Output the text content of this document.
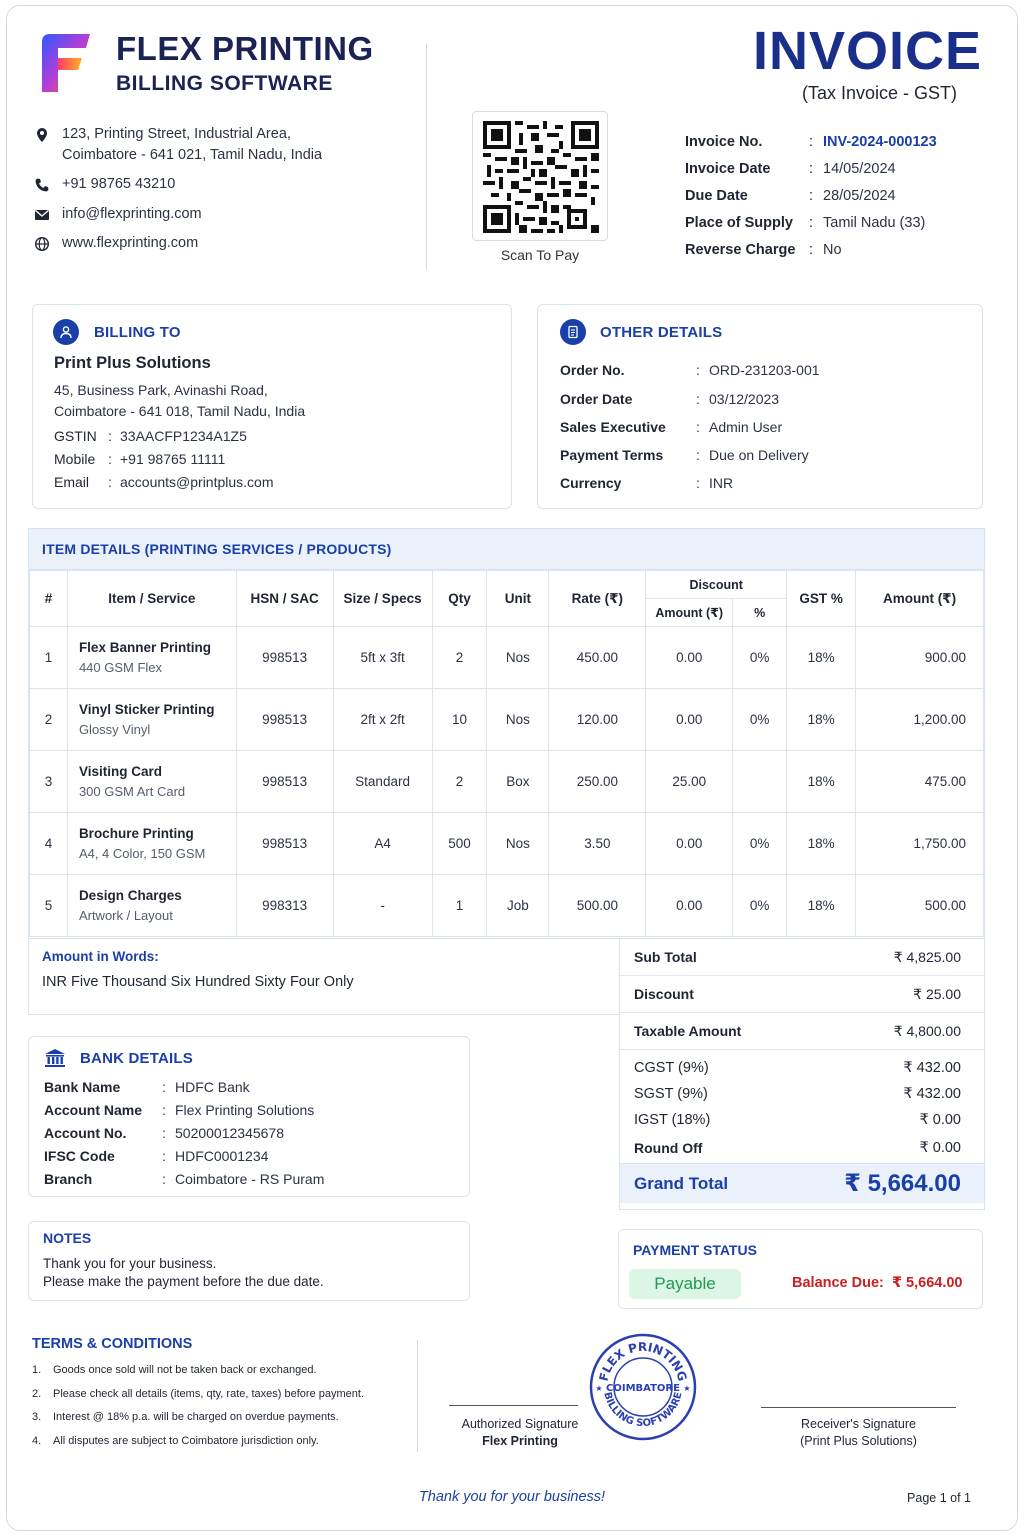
FLEX PRINTING
BILLING SOFTWARE
123, Printing Street, Industrial Area,
Coimbatore - 641 021, Tamil Nadu, India
+91 98765 43210
info@flexprinting.com
www.flexprinting.com
Scan To Pay
INVOICE
(Tax Invoice - GST)
Invoice No.	: INV-2024-000123
Invoice Date	: 14/05/2024
Due Date	: 28/05/2024
Place of Supply	: Tamil Nadu (33)
Reverse Charge : No
BILLING TO
Print Plus Solutions
45, Business Park, Avinashi Road,
Coimbatore - 641 018, Tamil Nadu, India
GSTIN : 33AACFP1234A1Z5
Mobile : +91 98765 11111
Email	: accounts@printplus.com
OTHER DETAILS
Order No.	: ORD-231203-001
Order Date	: 03/12/2023
Sales Executive	: Admin User
Payment Terms	: Due on Delivery
Currency	: INR
ITEM DETAILS (PRINTING SERVICES / PRODUCTS)
#	Item / Service	HSN / SAC	Size / Specs	Qty	Unit	Rate (₹)	Discount		GST %	Amount (₹)
							Amount (₹)	%		
1	Flex Banner Printing
440 GSM Flex	998513	5ft x 3ft	2	Nos	450.00	0.00	0%	18%	900.00
2	Vinyl Sticker Printing
Glossy Vinyl	998513	2ft x 2ft	10	Nos	120.00	0.00	0%	18%	1,200.00
3	Visiting Card
300 GSM Art Card	998513	Standard	2	Box	250.00	25.00		18%	475.00
4	Brochure Printing
A4, 4 Color, 150 GSM	998513	A4	500	Nos	3.50	0.00	0%	18%	1,750.00
5	Design Charges
Artwork / Layout	998313	-	1	Job	500.00	0.00	0%	18%	500.00
Amount in Words:
INR Five Thousand Six Hundred Sixty Four Only
Sub Total	₹ 4,825.00
Discount	₹ 25.00
Taxable Amount	₹ 4,800.00
CGST (9%)	₹ 432.00
SGST (9%)	₹ 432.00
IGST (18%)	₹ 0.00
Round Off	₹ 0.00
Grand Total	₹ 5,664.00
BANK DETAILS
Bank Name	: HDFC Bank
Account Name	: Flex Printing Solutions
Account No.	: 50200012345678
IFSC Code	: HDFC0001234
Branch	: Coimbatore - RS Puram
NOTES
Thank you for your business.
Please make the payment before the due date.
PAYMENT STATUS
Payable	Balance Due: ₹ 5,664.00
TERMS & CONDITIONS
1.	Goods once sold will not be taken back or exchanged.
2.	Please check all details (items, qty, rate, taxes) before payment.
3.	Interest @ 18% p.a. will be charged on overdue payments.
4.	All disputes are subject to Coimbatore jurisdiction only.
Authorized Signature
Flex Printing
Receiver's Signature
(Print Plus Solutions)
FLEX PRINTING
BILLING SOFTWARE
COIMBATORE
★	★
Thank you for your business!	Page 1 of 1
